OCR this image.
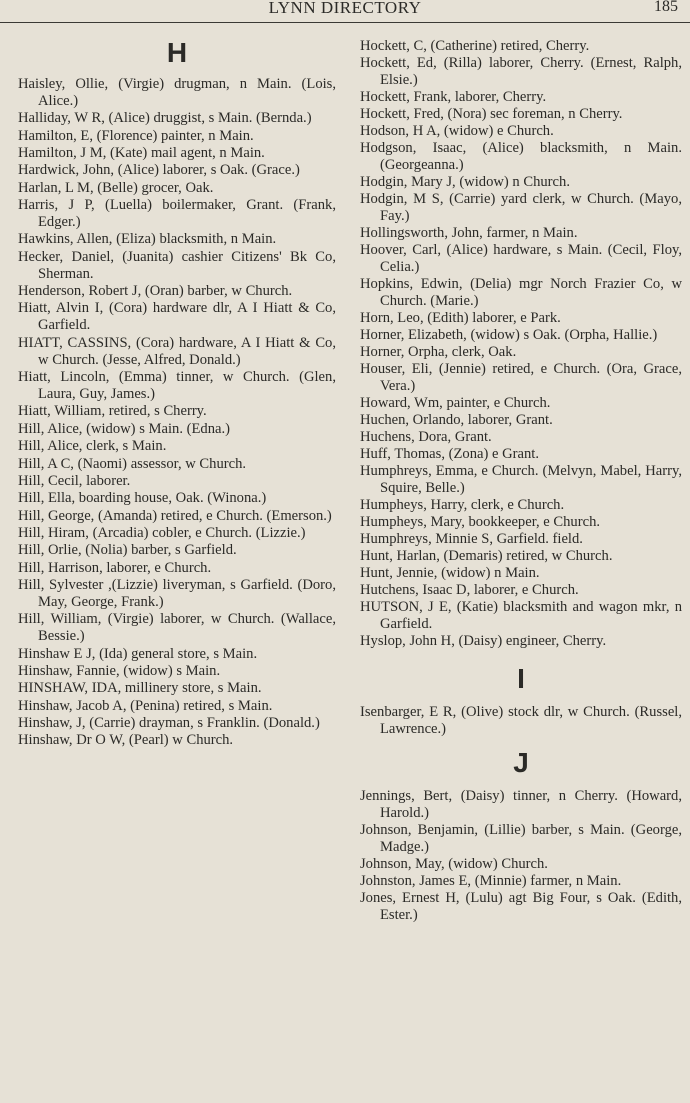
LYNN DIRECTORY	185
H

Haisley, Ollie, (Virgie) drugman, n Main. (Lois, Alice.)

Halliday, W R, (Alice) druggist, s Main. (Bernda.)

Hamilton, E, (Florence) painter, n Main.

Hamilton, J M, (Kate) mail agent, n Main.

Hardwick, John, (Alice) laborer, s Oak. (Grace.)

Harlan, L M, (Belle) grocer, Oak.

Harris, J P, (Luella) boilermaker, Grant. (Frank, Edger.)

Hawkins, Allen, (Eliza) blacksmith, n Main.

Hecker, Daniel, (Juanita) cashier Citizens' Bk Co, Sherman.

Henderson, Robert J, (Oran) barber, w Church.

Hiatt, Alvin I, (Cora) hardware dlr, A I Hiatt & Co, Garfield.

HIATT, CASSINS, (Cora) hardware, A I Hiatt & Co, w Church. (Jesse, Alfred, Donald.)

Hiatt, Lincoln, (Emma) tinner, w Church. (Glen, Laura, Guy, James.)

Hiatt, William, retired, s Cherry.

Hill, Alice, (widow) s Main. (Edna.)

Hill, Alice, clerk, s Main.

Hill, A C, (Naomi) assessor, w Church.

Hill, Cecil, laborer.

Hill, Ella, boarding house, Oak. (Winona.)

Hill, George, (Amanda) retired, e Church. (Emerson.)

Hill, Hiram, (Arcadia) cobler, e Church. (Lizzie.)

Hill, Orlie, (Nolia) barber, s Garfield.

Hill, Harrison, laborer, e Church.

Hill, Sylvester ,(Lizzie) liveryman, s Garfield. (Doro, May, George, Frank.)

Hill, William, (Virgie) laborer, w Church. (Wallace, Bessie.)

Hinshaw E J, (Ida) general store, s Main.

Hinshaw, Fannie, (widow) s Main.

HINSHAW, IDA, millinery store, s Main.

Hinshaw, Jacob A, (Penina) retired, s Main.

Hinshaw, J, (Carrie) drayman, s Franklin. (Donald.)

Hinshaw, Dr O W, (Pearl) w Church.

Hockett, C, (Catherine) retired, Cherry.

Hockett, Ed, (Rilla) laborer, Cherry. (Ernest, Ralph, Elsie.)

Hockett, Frank, laborer, Cherry.

Hockett, Fred, (Nora) sec foreman, n Cherry.

Hodson, H A, (widow) e Church.

Hodgson, Isaac, (Alice) blacksmith, n Main. (Georgeanna.)

Hodgin, Mary J, (widow) n Church.

Hodgin, M S, (Carrie) yard clerk, w Church. (Mayo, Fay.)

Hollingsworth, John, farmer, n Main.

Hoover, Carl, (Alice) hardware, s Main. (Cecil, Floy, Celia.)

Hopkins, Edwin, (Delia) mgr Norch Frazier Co, w Church. (Marie.)

Horn, Leo, (Edith) laborer, e Park.

Horner, Elizabeth, (widow) s Oak. (Orpha, Hallie.)

Horner, Orpha, clerk, Oak.

Houser, Eli, (Jennie) retired, e Church. (Ora, Grace, Vera.)

Howard, Wm, painter, e Church.

Huchen, Orlando, laborer, Grant.

Huchens, Dora, Grant.

Huff, Thomas, (Zona) e Grant.

Humphreys, Emma, e Church. (Melvyn, Mabel, Harry, Squire, Belle.)

Humpheys, Harry, clerk, e Church.

Humpheys, Mary, bookkeeper, e Church.

Humphreys, Minnie S, Garfield. field.

Hunt, Harlan, (Demaris) retired, w Church.

Hunt, Jennie, (widow) n Main.

Hutchens, Isaac D, laborer, e Church.

HUTSON, J E, (Katie) blacksmith and wagon mkr, n Garfield.

Hyslop, John H, (Daisy) engineer, Cherry.

I

Isenbarger, E R, (Olive) stock dlr, w Church. (Russel, Lawrence.)

J

Jennings, Bert, (Daisy) tinner, n Cherry. (Howard, Harold.)

Johnson, Benjamin, (Lillie) barber, s Main. (George, Madge.)

Johnson, May, (widow) Church.

Johnston, James E, (Minnie) farmer, n Main.

Jones, Ernest H, (Lulu) agt Big Four, s Oak. (Edith, Ester.)
